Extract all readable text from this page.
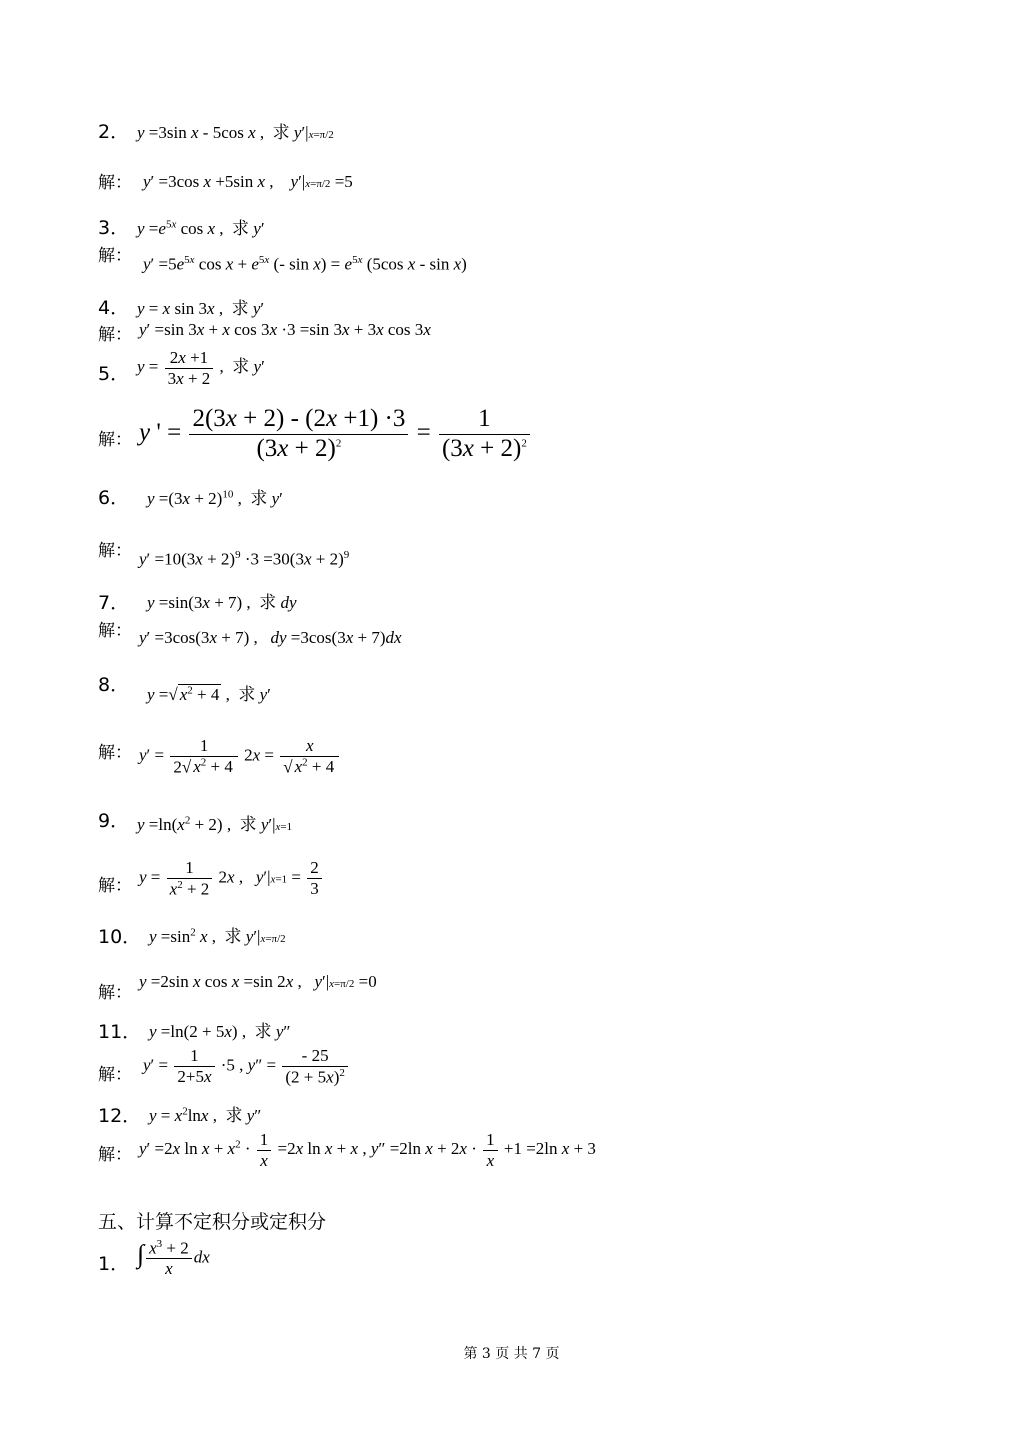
2． y =3sin x - 5cos x ,  求 y′|x=π/2
解： y′ =3cos x +5sin x ,    y′|x=π/2 =5
3． $y =e^{5x}$ cos x ,  求 y′
解： $y' =5e^{5x}$ $\cos x + e^{5x}$ (- $\sin x) = e^{5x}$ (5cos x - sin x)
4． y = x sin 3x ,  求 y′
解： y′ =sin 3x + x cos 3x ·3 =sin 3x + 3x cos 3x
5． $y = \frac{2x +1}{3x + 2}$ ,  求 y′
解： y ' = $\frac{2(3x + 2) - (2x +1) \cdot 3}{(3x + 2)^2} = \frac{1}{(3x + 2)^2}$
6． $y =(3x + 2)^{10}$ ,  求 y′
解： $y' =10(3x + 2)^9 \cdot 3 =30(3x + 2)^9$
7． y =sin(3x + 7) ,  求 dy
解： y′ =3cos(3x + 7) ,   dy =3cos(3x + 7)dx
8． y =√ $x^2 + 4$ ,  求 y′
解： $y' = \frac{1}{2√ x^2 + 4} 2x = \frac{x}{√ x^2 + 4}$
9． $y =\ln(x^2 + 2)$ ,  求 y′|x=1
解： $y = \frac{1}{x^2 + 2} 2x$ ,   $y'|x=1 = \frac{2}{3}$
10． $y =\sin^2$ x ,  求 y′|x=π/2
解：
y =2sin x cos x =sin 2x ,   y′|x=π/2 =0
11． y =ln(2 + 5x) ,  求 y″
解：
$y' = \frac{1}{2+5x} \cdot 5$ , $y'' = \frac{- 25}{(2 + 5x)^2}$
12． $y = x^2\ln x$ ,  求 y″
解： y′ =2x $\ln x + x^2 \cdot \frac{1}{x} =2x$ ln x + x , y″ =2ln $x + 2x \cdot \frac{1}{x} +1 =2\ln$ x + 3
五、计算不定积分或定积分
1． ∫ $\frac{x^3 + 2}{x}$ dx
第 3 页 共 7 页
